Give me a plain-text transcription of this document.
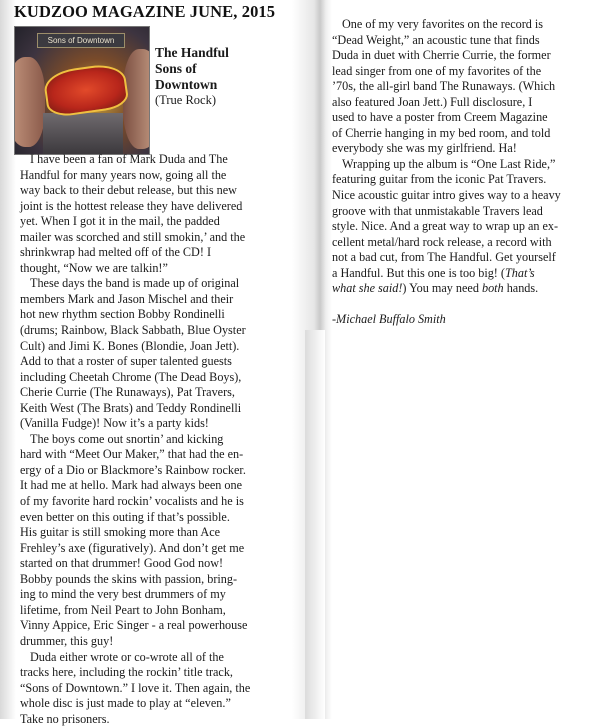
KUDZOO MAGAZINE JUNE, 2015
Sons of Downtown
The Handful
Sons of
Downtown
(True Rock)

I have been a fan of Mark Duda and The

Handful for many years now, going all the

way back to their debut release, but this new

joint is the hottest release they have delivered

yet. When I got it in the mail, the padded

mailer was scorched and still smokin,’ and the

shrinkwrap had melted off of the CD! I

thought, “Now we are talkin!”

These days the band is made up of original

members Mark and Jason Mischel and their

hot new rhythm section Bobby Rondinelli

(drums; Rainbow, Black Sabbath, Blue Oyster

Cult) and Jimi K. Bones (Blondie, Joan Jett).

Add to that a roster of super talented guests

including Cheetah Chrome (The Dead Boys),

Cherie Currie (The Runaways), Pat Travers,

Keith West (The Brats) and Teddy Rondinelli

(Vanilla Fudge)! Now it’s a party kids!

The boys come out snortin’ and kicking

hard with “Meet Our Maker,” that had the en-

ergy of a Dio or Blackmore’s Rainbow rocker.

It had me at hello. Mark had always been one

of my favorite hard rockin’ vocalists and he is

even better on this outing if that’s possible.

His guitar is still smoking more than Ace

Frehley’s axe (figuratively). And don’t get me

started on that drummer! Good God now!

Bobby pounds the skins with passion, bring-

ing to mind the very best drummers of my

lifetime, from Neil Peart to John Bonham,

Vinny Appice, Eric Singer - a real powerhouse

drummer, this guy!

Duda either wrote or co-wrote all of the

tracks here, including the rockin’ title track,

“Sons of Downtown.” I love it. Then again, the

whole disc is just made to play at “eleven.”

Take no prisoners.

One of my very favorites on the record is

“Dead Weight,” an acoustic tune that finds

Duda in duet with Cherrie Currie, the former

lead singer from one of my favorites of the

’70s, the all-girl band The Runaways. (Which

also featured Joan Jett.) Full disclosure, I

used to have a poster from Creem Magazine

of Cherrie hanging in my bed room, and told

everybody she was my girlfriend. Ha!

Wrapping up the album is “One Last Ride,”

featuring guitar from the iconic Pat Travers.

Nice acoustic guitar intro gives way to a heavy

groove with that unmistakable Travers lead

style. Nice. And a great way to wrap up an ex-

cellent metal/hard rock release, a record with

not a bad cut, from The Handful. Get yourself

a Handful. But this one is too big! (That’s

what she said!) You may need both hands.

-Michael Buffalo Smith
